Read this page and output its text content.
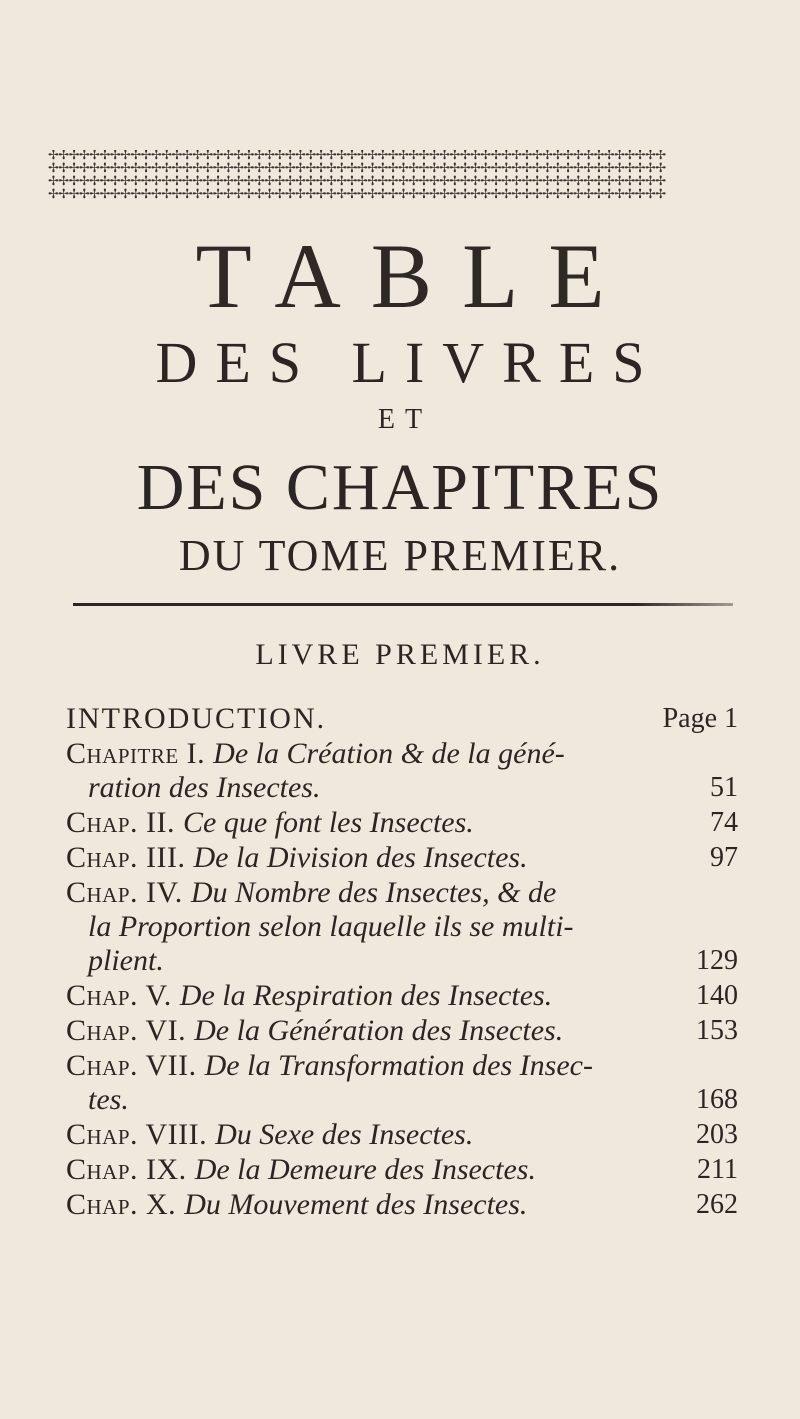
✢✢✢✢✢✢✢✢✢✢✢✢✢✢✢✢✢✢✢✢✢✢✢✢✢✢✢✢✢✢✢✢✢✢✢✢✢✢✢✢✢✢✢✢✢✢✢✢✢✢✢✢✢✢✢✢✢✢✢✢
✢✢✢✢✢✢✢✢✢✢✢✢✢✢✢✢✢✢✢✢✢✢✢✢✢✢✢✢✢✢✢✢✢✢✢✢✢✢✢✢✢✢✢✢✢✢✢✢✢✢✢✢✢✢✢✢✢✢✢✢
✢✢✢✢✢✢✢✢✢✢✢✢✢✢✢✢✢✢✢✢✢✢✢✢✢✢✢✢✢✢✢✢✢✢✢✢✢✢✢✢✢✢✢✢✢✢✢✢✢✢✢✢✢✢✢✢✢✢✢✢
✢✢✢✢✢✢✢✢✢✢✢✢✢✢✢✢✢✢✢✢✢✢✢✢✢✢✢✢✢✢✢✢✢✢✢✢✢✢✢✢✢✢✢✢✢✢✢✢✢✢✢✢✢✢✢✢✢✢✢✢
TABLE
DES LIVRES
ET
DES CHAPITRES
DU TOME PREMIER.
LIVRE PREMIER.
INTRODUCTION.	Page 1
Chapitre I. De la Création & de la géné-
ration des Insectes.	51
Chap. II. Ce que font les Insectes.	74
Chap. III. De la Division des Insectes.	97
Chap. IV. Du Nombre des Insectes, & de
la Proportion selon laquelle ils se multi-
plient.	129
Chap. V. De la Respiration des Insectes.	140
Chap. VI. De la Génération des Insectes.	153
Chap. VII. De la Transformation des Insec-
tes.	168
Chap. VIII. Du Sexe des Insectes.	203
Chap. IX. De la Demeure des Insectes.	211
Chap. X. Du Mouvement des Insectes.	262
